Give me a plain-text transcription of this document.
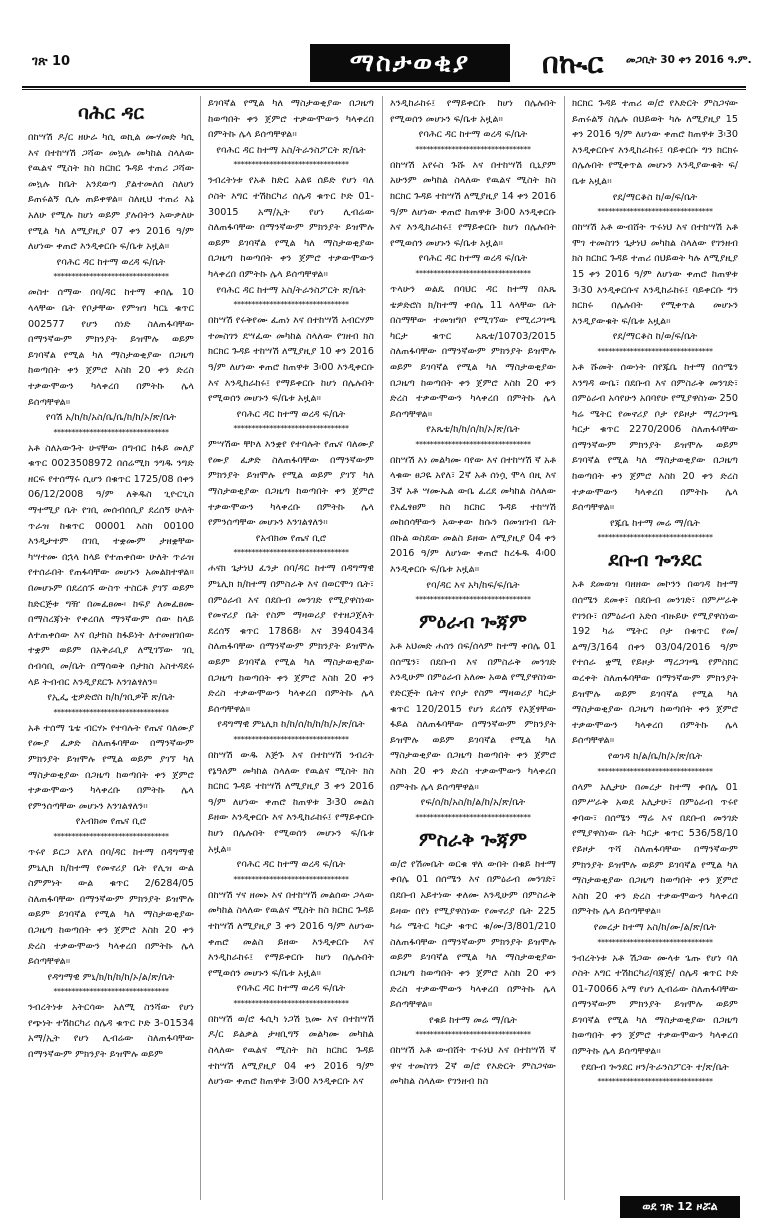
ገጽ 10	ማስታወቂያ	በኲር መጋቢት 30 ቀን 2016 ዓ.ም.
ባሕር ዳር

በከሣሽ ዶ/ር ዘሁራ ካሲ ወኪል ሙሃመድ ካሲ እና በተከሣሽ ጋሻው መኳሉ መካከል ስላለው የዉልና ሚስት ክስ ክርክር ጉዳይ ተጠሪ ጋሻው መኳሉ ከቤት አንደወጣ ያልተመለሰ ስለሆነ ይጠሩልኝ ሲሉ ጠይቀዋል። ስለዚህ ተጠሪ እኔ አለሁ የሚሉ ከሆነ ወይም ያሉበትን አውቃለሁ የሚል ካለ ለሚያዚያ 07 ቀን 2016 ዓ/ም ለሆነው ቀጠሮ እንዲቀርቡ ፍ/ቤቱ አዟል።

የባሕር ዳር ከተማ ወረዳ ፍ/ቤት

********************************

መስተ ሰማው በባ/ዳር ከተማ ቀበሌ 10 ላላቸው ቤት የቦታቸው የምዝገ ካርኒ ቁጥር 002577 የሆን ሰነድ ስለጠፋባቸው በማንኛውም ምክንያት ይዝሞሉ ወይም ይገባኛል የሚል ካለ ማስታወቂያው በጋዜጣ ከወጣበት ቀን ጀምሮ እስከ 20 ቀን ድረስ ተቃውሞውን ካላቀረበ በምትኩ ሌላ ይሰጣቸዋል።

የባሽ አ/ከ/ከ/አስ/ቤ/ቤ/ከ/ከ/ኦ/ጽ/ቤት

********************************

አቶ ስለአውጉት ሁናቸው በግብር ከፋይ መለያ ቁጥር 0023508972 በሰሬሚክ ንግዱ ንግድ ዘርፍ የተሰማሩ ሲሆን በቁጥር 1725/08 በቀን 06/12/2008 ዓ/ም ለቅዱስ ጊዮርጊስ ማተሚያ ቤት የገቢ መሰብሰቢያ ደረሰኝ ሁለት ጥራዝ ከቁጥር 00001 እስከ 00100 እንዲታተም በገቢ ተቋሙም ታዘቋቸው ካሣተሙ በኋላ ከላይ የተጠቀሰው ሁለት ጥራዝ የተሰራበት የጠፋባቸው መሆኑን አመልክተዋል። በመሆኑም በደረሰኙ ውስጥ ተስርቶ ያገኘ ወይም ከድርጅቱ ግዥ በመፈፀሙ፡ ከፍያ ለመፈፀሙ በማስረጃነት የቀረበለ ማንኛውም ሰው ከላይ ለተጠቀሰው እና በታክስ ከፋይነት ለተመዘገበው ተቋም ወይም በአቅራቢያ ለሚገኘው ገቢ ሰብሳቢ መ/ቤት በማሳወቅ በታክስ አስተዳደሩ ላይ ትብብር እንዲያደርጉ እንገልፃለን።

የኢፌ ቲዎድሮስ ከ/ከ/ገቢዎች ጽ/ቤት

********************************

አቶ ተሰማ ጌቴ ብርሃኑ የተባሉት የጤና ባለሙያ የሙያ ፈቃድ ስለጠፋባቸው በማንኛውም ምክንያት ይዝሞሉ የሚል ወይም ያገኘ ካለ ማስታወቂያው በጋዜጣ ከወጣበት ቀን ጀምሮ ተቃውሞውን ካላቀረቡ በምትኩ ሌላ የምንሰጣቸው መሆኑን እንገልፃለን።

የአብክመ የጤና ቢሮ

********************************

ጥሩየ ይርጋ አየለ በባ/ዳር ከተማ በዳግማዊ ምኒሊክ ክ/ከተማ የመኖሪያ ቤት የሊዝ ውል ስምምነት ውል ቁጥር 2/6284/05 ስለጠፋባቸው በማንኛውም ምክንያት ይዝሞሉ ወይም ይገባኛል የሚል ካለ ማስታወቂያው በጋዜጣ ከወጣበት ቀን ጀምሮ እስከ 20 ቀን ድረስ ተቃውሞውን ካላቀረበ በምትኩ ሌላ ይሰጣቸዋል።

የዳግማዊ ምኒ/ክ/ከ/ከ/ከ/ኦ/ል/ጽ/ቤት

********************************

ንብረትነቱ አትርሳው አለሚ ስንሻው የሆነ የጭነት ተሽከርካሪ ሰሌዳ ቁጥር ኮድ 3-01534 አማ/ኢት የሆነ ሊብሬው ስለጠፋባቸው በማንኛውም ምክንያት ይዝሞሉ ወይም

ይገባኛል የሚል ካለ ማስታወቂያው በጋዜጣ ከወጣበት ቀን ጀምሮ ተቃውሞውን ካላቀረበ በምትኩ ሌላ ይሰጣቸዋል።

የባሕር ዳር ከተማ አስ/ትራንስፖርት ጽ/ቤት

********************************

ንብረትነቱ የአቶ ከድር አልዩ ሰይድ የሆነ ባለ ሶስት እግር ተሽከርካሪ ሰሌዳ ቁጥር ኮድ 01-30015 አማ/ኢት የሆነ ሊብሬው ስለጠፋባቸው በማንኛውም ምክንያት ይዝሞሉ ወይም ይገባኛል የሚል ካለ ማስታወቂያው በጋዜጣ ከወጣበት ቀን ጀምሮ ተቃውሞውን ካላቀረበ በምትኩ ሌላ ይሰጣቸዋል።

የባሕር ዳር ከተማ አስ/ትራንስፖርት ጽ/ቤት

********************************

በከሣሽ የሩቅየሙ ፈጠነ እና በተከሣሽ አብርሃም ተመስገን ደሣፈው መካከል ስላለው የገዘብ ክስ ክርክር ጉዳይ ተከሣሽ ለሚያዚያ 10 ቀን 2016 ዓ/ም ለሆነው ቀጠሮ ከጠዋቱ 3፡00 እንዲቀርቡ እና እንዲከራከሩ፤ የማይቀርቡ ከሆነ በሌሉበት የሚወሰን መሆኑን ፍ/ቤቱ አዟል።

የባሕር ዳር ከተማ ወረዳ ፍ/ቤት

********************************

ምሣሽው ቸኮለ እንቋየ የተባሉት የጤና ባለሙያ የሙያ ፈቃድ ስለጠፋባቸው በማንኛውም ምክንያት ይዝሞሉ የሚል ወይም ያገኘ ካለ ማስታወቂያው በጋዜጣ ከወጣበት ቀን ጀምሮ ተቃውሞውን ካላቀረቡ በምትኩ ሌላ የምንሰጣቸው መሆኑን እንገልፃለን።

የአብክመ የጤና ቢሮ

********************************

ሐናክ ጌታነህ ፈንታ በባ/ዳር ከተማ በዳግማዊ ምኒሊክ ክ/ከተማ በምስራቅ እና በወርሞጎ ቤት፣ በምዕራብ እና በደቡብ መንገድ የሚያዋስነው የመኖሪያ ቤት የስም ማዛወሪያ የተዘጋጀለት ደረሰኝ ቁጥር 17868፡ እና 3940434 ስለጠፋባቸው በማንኛውም ምክንያት ይዝሞሉ ወይም ይገባኛል የሚል ካለ ማስታወቂያው በጋዜጣ ከወጣበት ቀን ጀምሮ እስከ 20 ቀን ድረስ ተቃውሞውን ካላቀረበ በምትኩ ሌላ ይሰጣቸዋል።

የዳግማዊ ምኒሊክ ከ/ከ/ሰ/ከ/ከ/ከ/ኦ/ጽ/ቤት

********************************

በከሣሽ ውዱ እጅጉ እና በተከሣሽ ንብረት የኔዓለም መካከል ስላለው የዉልና ሚስት ክስ ክርክር ጉዳይ ተከሣሽ ለሚያዚያ 3 ቀን 2016 ዓ/ም ለሆነው ቀጠሮ ከጠዋቱ 3፡30 መልስ ይዘው እንዲቀርቡ እና እንዲከራከሩ፤ የማይቀርቡ ከሆነ በሌሉበት የሚወሰን መሆኑን ፍ/ቤቱ አዟል።

የባሕር ዳር ከተማ ወረዳ ፍ/ቤት

********************************

በከሣሽ ሃና ዘመኑ እና በተከሣሽ መልሰው ጋላው መካከል ስላለው የዉልና ሚስት ክስ ክርክር ጉዳይ ተከሣሽ ለሚያዚያ 3 ቀን 2016 ዓ/ም ለሆነው ቀጠሮ መልስ ይዘው እንዲቀርቡ እና እንዲከራከሩ፤ የማይቀርቡ ከሆነ በሌሉበት የሚወሰን መሆኑን ፍ/ቤቱ አዟል።

የባሕር ዳር ከተማ ወረዳ ፍ/ቤት

********************************

በከሣሽ ወ/ሮ ፋሲካ ነጋሽ ኳሙ እና በተከሣሽ ዶ/ር ይልቃል ታዛቢግኝ መልካሙ መካከል ስላለው የዉልና ሚስት ክስ ክርክር ጉዳይ ተከሣሽ ለሚያዚያ 04 ቀን 2016 ዓ/ም ለሆነው ቀጠሮ ከጠዋቱ 3፡00 እንዲቀርቡ እና

እንዲከራከሩ፤ የማይቀርቡ ከሆነ በሌሉበት የሚወሰን መሆኑን ፍ/ቤቱ አዟል።

የባሕር ዳር ከተማ ወረዳ ፍ/ቤት

********************************

በከሣሽ አየሩስ ጉሹ እና በተከሣሽ ቢኒያም አሁንም መካከል ስላለው የዉልና ሚስት ክስ ክርክር ጉዳይ ተከሣሽ ለሚያዚያ 14 ቀን 2016 ዓ/ም ለሆነው ቀጠሮ ከጠዋቱ 3፡00 እንዲቀርቡ እና እንዲከራከሩ፤ የማይቀርቡ ከሆነ በሌሉበት የሚወሰን መሆኑን ፍ/ቤቱ አዟል።

የባሕር ዳር ከተማ ወረዳ ፍ/ቤት

********************************

ጥላሁን ወልዴ በባህር ዳር ከተማ በአጼ ቴዎድሮስ ክ/ከተማ ቀበሌ 11 ላላቸው ቤት በስማቸው ተመዝግቦ የሚገኘው የሚረጋገጫ ካርታ ቁጥር አጼቴ/10703/2015 ስለጠፋባቸው በማንኛውም ምክንያት ይዝሞሉ ወይም ይገባኛል የሚል ካለ ማስታወቂያው በጋዜጣ ከወጣበት ቀን ጀምሮ እስከ 20 ቀን ድረስ ተቃውሞውን ካላቀረበ በምትኩ ሌላ ይሰጣቸዋል።

የአጼቴ/ከ/ከ/ሰ/ከ/ኦ/ጽ/ቤት

********************************

በከሣሽ እነ መልካሙ ባየው እና በተከሣሽ ኛ አቶ ላቁው ፀጋዬ አየለ፣ 2ኛ አቶ ሰነሷ ሞላ በዚ እና 3ኛ አቶ ሣሙኤል ውቤ ፈረደ መካከል ስላለው የአፈፃፀም ክስ ክርክር ጉዳይ ተከሣሽ መከሰሳቸውን አውቀው ከሱን በመዝገብ ቤት በኩል ወስደው መልስ ይዘው ለሚያዚያ 04 ቀን 2016 ዓ/ም ለሆነው ቀጠሮ ከረፋዱ 4፡00 እንዲቀርቡ ፍ/ቤቱ አዟል።

የባ/ዳር እና አካ/ከፍ/ፍ/ቤት

********************************
ምዕራብ ጐጃም

አቶ አህመድ ሐሰን በፍ/ሰላም ከተማ ቀበሌ 01 በሰሜን፣ በደቡብ እና በምስራቅ መንገድ እንዲሁም በምዕራብ አለሙ አወል የሚያዋስነው የድርጅት ቤትና የቦታ የስም ማዛወሪያ ካርታ ቁጥር 120/2015 የሆነ ደረሰኝ የአጀፃቸው ፋይል ስለጠፋባቸው በማንኛውም ምክንያት ይዝሞሉ ወይም ይገባኛል የሚል ካለ ማስታወቂያው በጋዜጣ ከወጣበት ቀን ጀምሮ እስከ 20 ቀን ድረስ ተቃውሞውን ካላቀረበ በምትኩ ሌላ ይሰጣቸዋል።

የፍ/ሰ/ከ/አስ/ከ/ል/ከ/አ/ጽ/ቤት

********************************
ምስራቅ ጐጃም

ወ/ሮ የሽመቤት ወርቁ ዋለ ውበት በቁይ ከተማ ቀበሌ 01 በሰሜን እና በምዕራብ መንገድ፣ በደቡብ አይተነው ቀለሙ እንዲሁም በምስራቅ ይዛው በየነ የሚያዋስነው የመኖሪያ ቤት 225 ካሬ ሜትር ካርታ ቁጥር ቁ/ሙ/3/801/210 ስለጠፋባቸው በማንኛውም ምክንያት ይዝሞሉ ወይም ይገባኛል የሚል ካለ ማስታወቂያው በጋዜጣ ከወጣበት ቀን ጀምሮ እስከ 20 ቀን ድረስ ተቃውሞውን ካላቀረበ በምትኩ ሌላ ይሰጣቸዋል።

የቁይ ከተማ መሬ ማ/ቤት

********************************

በከሣሽ አቶ ውብሸት ጥሩነህ እና በተከሣሽ ኛ ዋና ተመስገን 2ኛ ወ/ሮ የእድርት ምስጋናው መካከል ስላለው የገንዘብ ክስ

ክርክር ጉዳይ ተጠሪ ወ/ሮ የእድርት ምስጋናው ይጠሩልኝ ስሌሉ በህይወት ካሉ ለሚያዚያ 15 ቀን 2016 ዓ/ም ለሆነው ቀጠሮ ከጠዋቱ 3፡30 እንዲቀርቡና እንዲከራከሩ፤ ባይቀርቡ ግን ክርክሩ በሌሉበት የሚቀጥል መሆኑን እንዲያውቁት ፍ/ቤቱ አዟል።

የደ/ማርቆስ ከ/ወ/ፍ/ቤት

********************************

በከሣሽ አቶ ውብሸት ጥሩነህ እና በተከሣሽ አቶ ሞገ ተመስገን ጌታነህ መካከል ስላለው የገንዘብ ክስ ክርክር ጉዳይ ተጠሪ በህይወት ካሉ ለሚያዚያ 15 ቀን 2016 ዓ/ም ለሆነው ቀጠሮ ከጠዋቱ 3፡30 እንዲቀርቡና እንዲከራከሩ፤ ባይቀርቡ ግን ክርክሩ በሌሉበት የሚቀጥል መሆኑን እንዲያውቁት ፍ/ቤቱ አዟል።

የደ/ማርቆስ ከ/ወ/ፍ/ቤት

********************************

አቶ ሹመት ሰውነት በየጁቤ ከተማ በሰሜን እንግዳ ውቤ፣ በደቡብ እና በምስራቅ መንገድ፣ በምዕራብ አሳየሁን አበባየሁ የሚያዋስነው 250 ካሬ ሜትር የመኖሪያ ቦታ የይዞታ ማረጋገጫ ካርታ ቁጥር 2270/2006 ስለጠፋባቸው በማንኛውም ምክንያት ይዝሞሉ ወይም ይገባኛል የሚል ካለ ማስታወቂያው በጋዜጣ ከወጣበት ቀን ጀምሮ እስከ 20 ቀን ድረስ ተቃውሞውን ካላቀረበ በምትኩ ሌላ ይሰጣቸዋል።

የጁቤ ከተማ መሬ ማ/ቤት

********************************
ደቡብ ጐንደር

አቶ ደመወዝ ባዘዘው መኮንን በወገዳ ከተማ በሰሜን ደመቀ፣ በደቡብ መንገድ፣ በምሥራቅ የገንቡ፣ በምዕራብ አድሰ ብዙይሁ የሚያዋስነው 192 ካሬ ሜትር ቦታ በቁጥር የመ/ልማ/3/164 በቀን 03/04/2016 ዓ/ም የተሰራ ቋሚ የይዞታ ማረጋገጫ የምስክር ወረቀት ስለጠፋባቸው በማንኛውም ምክንያት ይዝሞሉ ወይም ይገባኛል የሚል ካለ ማስታወቂያው በጋዜጣ ከወጣበት ቀን ጀምሮ ተቃውሞውን ካላቀረበ በምትኩ ሌላ ይሰጣቸዋል።

የወገዳ ከ/ል/ቤ/ከ/ኦ/ጽ/ቤት

********************************

ሰላም አሊታሁ በመረታ ከተማ ቀበሌ 01 በምሥራቅ አወደ አሊታሁ፣ በምዕራብ ጥሩየ ቀባው፣ በሰሜን ማሬ እና በደቡብ መንገድ የሚያዋስነው ቤት ካርታ ቁጥር 536/58/10 የይዞታ ጥሻ ስለጠፋባቸው በማንኛውም ምክንያት ይዝሞሉ ወይም ይገባኛል የሚል ካለ ማስታወቂያው በጋዜጣ ከወጣበት ቀን ጀምሮ እስከ 20 ቀን ድረስ ተቃውሞውን ካላቀረበ በምትኩ ሌላ ይሰጣቸዋል።

የመረታ ከተማ አስ/ከ/ሙ/ል/ጽ/ቤት

********************************

ንብረትነቱ አቶ ሽጋው ሙላቱ ጌጡ የሆነ ባለ ሶስት እግር ተሽከርካሪ/ባጃጅ/ ሰሌዳ ቁጥር ኮድ 01-70066 አማ የሆነ ሊብሬው ስለጠፋባቸው በማንኛውም ምክንያት ይዝሞሉ ወይም ይገባኛል የሚል ካለ ማስታወቂያው በጋዜጣ ከወጣበት ቀን ጀምሮ ተቃውሞውን ካላቀረበ በምትኩ ሌላ ይሰጣቸዋል።

የደቡብ ጐንደር ዞን/ትራንስፖርት ተ/ጽ/ቤት

********************************
ወደ ገጽ 12 ዞሯል
